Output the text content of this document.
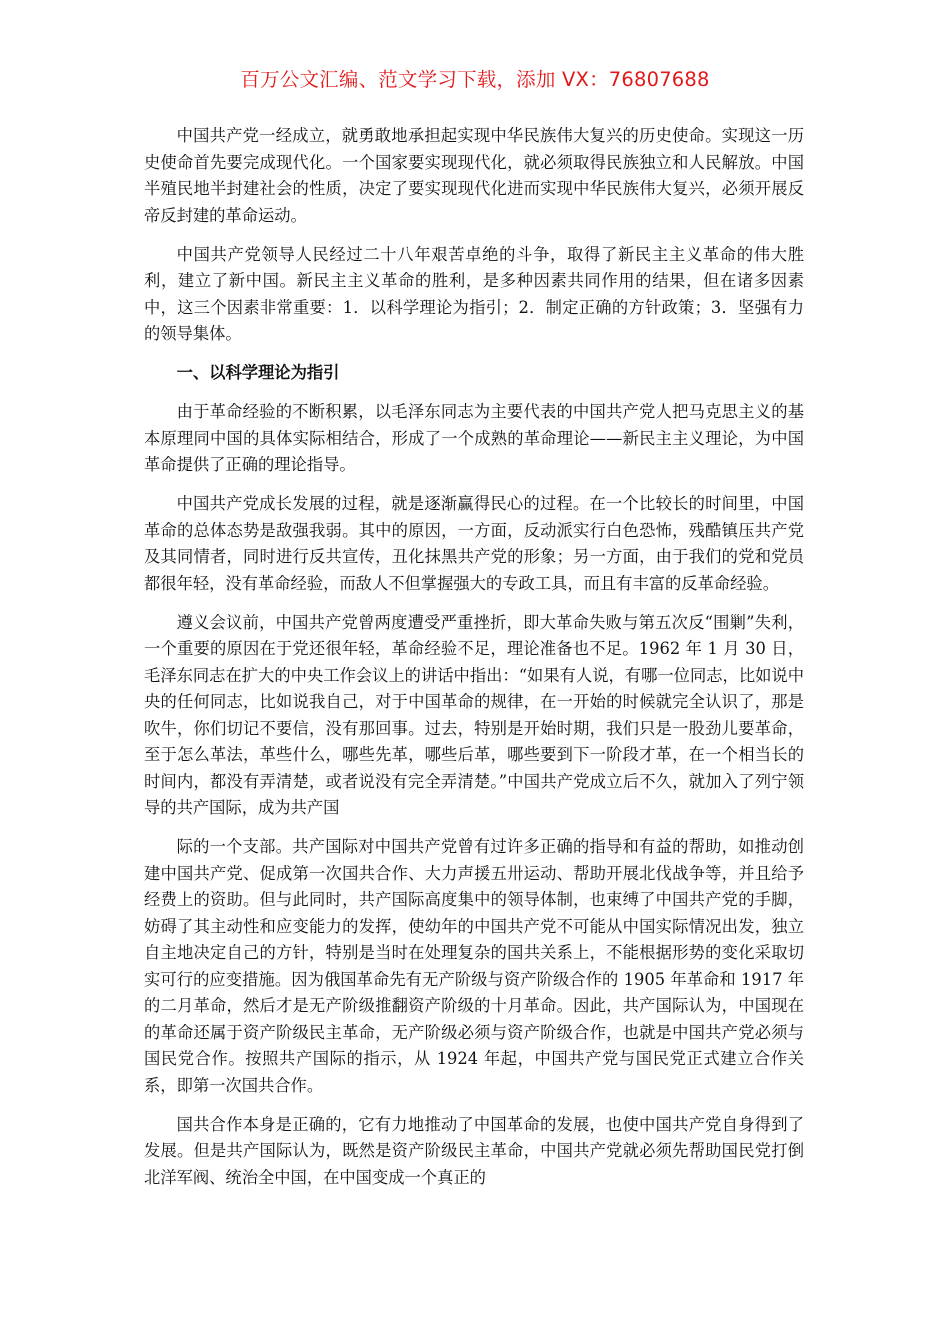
百万公文汇编、范文学习下载，添加 VX：76807688

中国共产党一经成立，就勇敢地承担起实现中华民族伟大复兴的历史使命。实现这一历史使命首先要完成现代化。一个国家要实现现代化，就必须取得民族独立和人民解放。中国半殖民地半封建社会的性质，决定了要实现现代化进而实现中华民族伟大复兴，必须开展反帝反封建的革命运动。

中国共产党领导人民经过二十八年艰苦卓绝的斗争，取得了新民主主义革命的伟大胜利，建立了新中国。新民主主义革命的胜利，是多种因素共同作用的结果，但在诸多因素中，这三个因素非常重要：1．以科学理论为指引；2．制定正确的方针政策；3．坚强有力的领导集体。

一、以科学理论为指引

由于革命经验的不断积累，以毛泽东同志为主要代表的中国共产党人把马克思主义的基本原理同中国的具体实际相结合，形成了一个成熟的革命理论——新民主主义理论，为中国革命提供了正确的理论指导。

中国共产党成长发展的过程，就是逐渐赢得民心的过程。在一个比较长的时间里，中国革命的总体态势是敌强我弱。其中的原因，一方面，反动派实行白色恐怖，残酷镇压共产党及其同情者，同时进行反共宣传，丑化抹黑共产党的形象；另一方面，由于我们的党和党员都很年轻，没有革命经验，而敌人不但掌握强大的专政工具，而且有丰富的反革命经验。

遵义会议前，中国共产党曾两度遭受严重挫折，即大革命失败与第五次反“围剿”失利，一个重要的原因在于党还很年轻，革命经验不足，理论准备也不足。1962 年 1 月 30 日，毛泽东同志在扩大的中央工作会议上的讲话中指出：“如果有人说，有哪一位同志，比如说中央的任何同志，比如说我自己，对于中国革命的规律，在一开始的时候就完全认识了，那是吹牛，你们切记不要信，没有那回事。过去，特别是开始时期，我们只是一股劲儿要革命，至于怎么革法，革些什么，哪些先革，哪些后革，哪些要到下一阶段才革，在一个相当长的时间内，都没有弄清楚，或者说没有完全弄清楚。”中国共产党成立后不久，就加入了列宁领导的共产国际，成为共产国

际的一个支部。共产国际对中国共产党曾有过许多正确的指导和有益的帮助，如推动创建中国共产党、促成第一次国共合作、大力声援五卅运动、帮助开展北伐战争等，并且给予经费上的资助。但与此同时，共产国际高度集中的领导体制，也束缚了中国共产党的手脚，妨碍了其主动性和应变能力的发挥，使幼年的中国共产党不可能从中国实际情况出发，独立自主地决定自己的方针，特别是当时在处理复杂的国共关系上，不能根据形势的变化采取切实可行的应变措施。因为俄国革命先有无产阶级与资产阶级合作的 1905 年革命和 1917 年的二月革命，然后才是无产阶级推翻资产阶级的十月革命。因此，共产国际认为，中国现在的革命还属于资产阶级民主革命，无产阶级必须与资产阶级合作，也就是中国共产党必须与国民党合作。按照共产国际的指示，从 1924 年起，中国共产党与国民党正式建立合作关系，即第一次国共合作。

国共合作本身是正确的，它有力地推动了中国革命的发展，也使中国共产党自身得到了发展。但是共产国际认为，既然是资产阶级民主革命，中国共产党就必须先帮助国民党打倒北洋军阀、统治全中国，在中国变成一个真正的
